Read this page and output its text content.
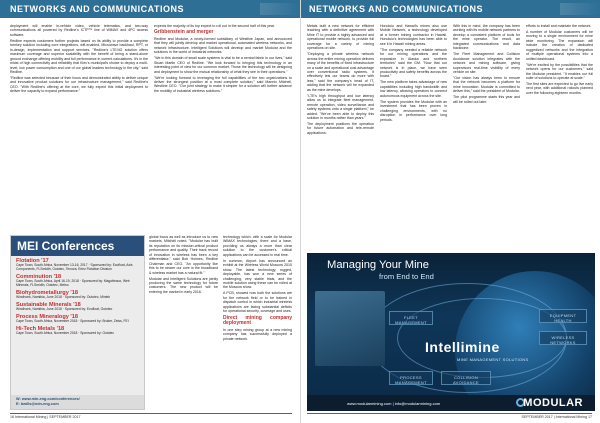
NETWORKS AND COMMUNICATIONS

deployment will enable in-vehicle video, vehicle telematics, and two-way communications all powered by Redline's ICTP™ line of WiMAX and 4PC access software.

Redline expects customers further projects based on its ability to provide a complete turnkey solution including core integrations, wifi-enabled, Microwave backhaul, RPT, or in-design, implementation and support services. "Redline's LTE/4G solution offers maximum coverage and superior scalability with the benefit of being a stand-alone ground exchange offering mobility and full performance in current calculations. It's in the midst of high connectivity and reliability that Kiev's municipal's choice to deploy a multi-level, low power consumption and one of our global leaders technology in the city," said Redline.

"Redline was selected because of their focus and demonstrated ability to deliver unique and innovative product solutions for our infrastructure management," said Redline's CEO. "With Redline's offering at the core, we fully expect this initial deployment to deliver the capacity to expand performance."

expects the majority of its top expect to roll out in the second half of this year.

Gribbenstein and merger

Redline and Modular, a newly-formed subsidiary of Westline Japan, and announced that they will jointly develop and market operational, automated wireless networks, and network infrastructure. Intelligent Solutions will develop and market Modular and the solutions in the world of industrial networks.

"We in this domain of small scale systems is vital to be a central fabric in our lives," said Stuart Martin CEO of Redline. "We look forward to bringing this technology in an interesting point of view for our common market. Those the technology will be designing and deployment to show the mutual relationship of what they see in their operations."

"We're looking forward to leveraging the full capabilities of the two organizations to deliver the strongest position at a most complete solution," said Mannix Mitchell, Westline CEO. "Our joint strategy to make it simpler for a solution will further advance the mobility of industrial wireless solutions."

MEI Conferences
Flotation '17
Cape Town, South Africa, November 13-16, 2017 · Sponsored by: Ecofloat, Axis Components, FLSmidth, Outotec, Tenova, Eriez Flotation Division
Comminution '18
Cape Town, South Africa, April 16-19, 2018 · Sponsored by: Magotteaux, Weir Minerals, FLSmidth, Outotec, Metso
Biohydrometallurgy '18
Windhoek, Namibia, June 2018 · Sponsored by: Outotec, Mintek
Sustainable Minerals '18
Windhoek, Namibia, June 2018 · Sponsored by: Ecofloat, Outotec
Process Mineralogy '18
Cape Town, South Africa, November 2018 · Sponsored by: Bruker, Zeiss, FEI
Hi-Tech Metals '18
Cape Town, South Africa, November 2018 · Sponsored by: Outotec
W: www.min-eng.com/conferences/
E: bwills@min-eng.com

global focus as well as introduce us to new markets, Mitchell noted. "Modular has built its reputation on its mission-critical product performance and quality. Their track record of innovation in wireless has been a key differentiator," said Bob Holmes, Redline Chairman and CEO. "An opportunity like this to be nearer our core in the broadband & wireless market has a natural fit."

Modular and Intelligent Solutions are jointly producing the same technology for future customers. The new product will be entering the market in early 2016.

technology which, with a scale for Modular WiMAX technologies, there and a base, providing us always a more than clear solution to the customer's critical applications can be accessed in real time.

In common, Airport has announced an exhibit at the Wireless World Moscow 2015 show. The latest technology, rugged, deployable, has won a new series of challenging, very stable trials, and the mobile solution using these can be rolled at the Moscow show.

A PCB, showed how both the solutions are for the network field or to be trained in dispatch control in which industrial wireless applications are facing substantial deficits for operational security, coverage and uses.

Direct mining company deployment

In one step mining group at a new mining company has successfully deployed a private network.

16 International Mining | SEPTEMBER 2017
NETWORKS AND COMMUNICATIONS

Metals built a new network for efficient leaching with a definitive agreement with Mine IT to provide a highly advanced and operational mobile network, to provide full coverage for a variety of mining operations on site.

"Deploying a private wireless network across the entire mining operation delivers many of the benefits of fixed infrastructure on a scale and operational cost advantage over conventional radio systems. It effectively lets our teams do more with less," said the company's head of IT, adding that the network will be expanded as the mine develops.

"LTE's high throughput and low latency allow us to integrate fleet management, remote operation, video surveillance and safety systems onto a single platform," he added. "We've been able to deploy this solution in months rather than years."

The deployment positions the operation for future automation and tele-remote applications.

Honolulu and Hawaii's mines also use Mobile Network, a technology developed at a former mining contractor in Hawaii. Honolulu's technologies has been able to see it in Hawaii mining areas.

"The company needed a reliable network for our mining operations and the expansion in Alaska and northern territories" said the GM. "Now that our network is in place, we have seen productivity and safety benefits across the board."

The new platform takes advantage of new capabilities including high bandwidth and low latency, allowing operators to connect autonomous equipment across the site.

The system provides the Modular with an investment that has been proven in challenging environments, with no disruption in performance over long periods.

With this in mind, the company has been working with its mobile network partners to develop a consistent platform of tools for the mine operator. The result, an integrated communications and data backbone.

The Fleet Management and Collision Avoidance solution integrates with the network and mining software, giving supervisors real-time visibility of every vehicle on site.

"Our vision has always been to ensure that the network becomes a platform for mine innovation. Modular is committed to deliver this," said the president of Modular.

The pilot programme starts this year and will be rolled out later.

efforts to install and maintain the network.

A number of Modular customers will be moving to a single environment for mine wide monitoring. The expansion will include the creation of dedicated ruggedized networks and the integration of multiple operational systems into a unified dashboard.

"We're excited by the possibilities that the network opens for our customers," said the Modular president. "It enables our full suite of solutions to operate at scale."

The first sites are expected to go live early next year, with additional rollouts planned over the following eighteen months.

Managing Your Mine
from End to End
FLEET MANAGEMENT
EQUIPMENT HEALTH
WIRELESS NETWORKS
PROCESS MANAGEMENT
COLLISION AVOIDANCE
Intellimine
MINE MANAGEMENT SOLUTIONS
www.modularmining.com | info@modularmining.com	MODULAR
SEPTEMBER 2017 | International Mining 17
